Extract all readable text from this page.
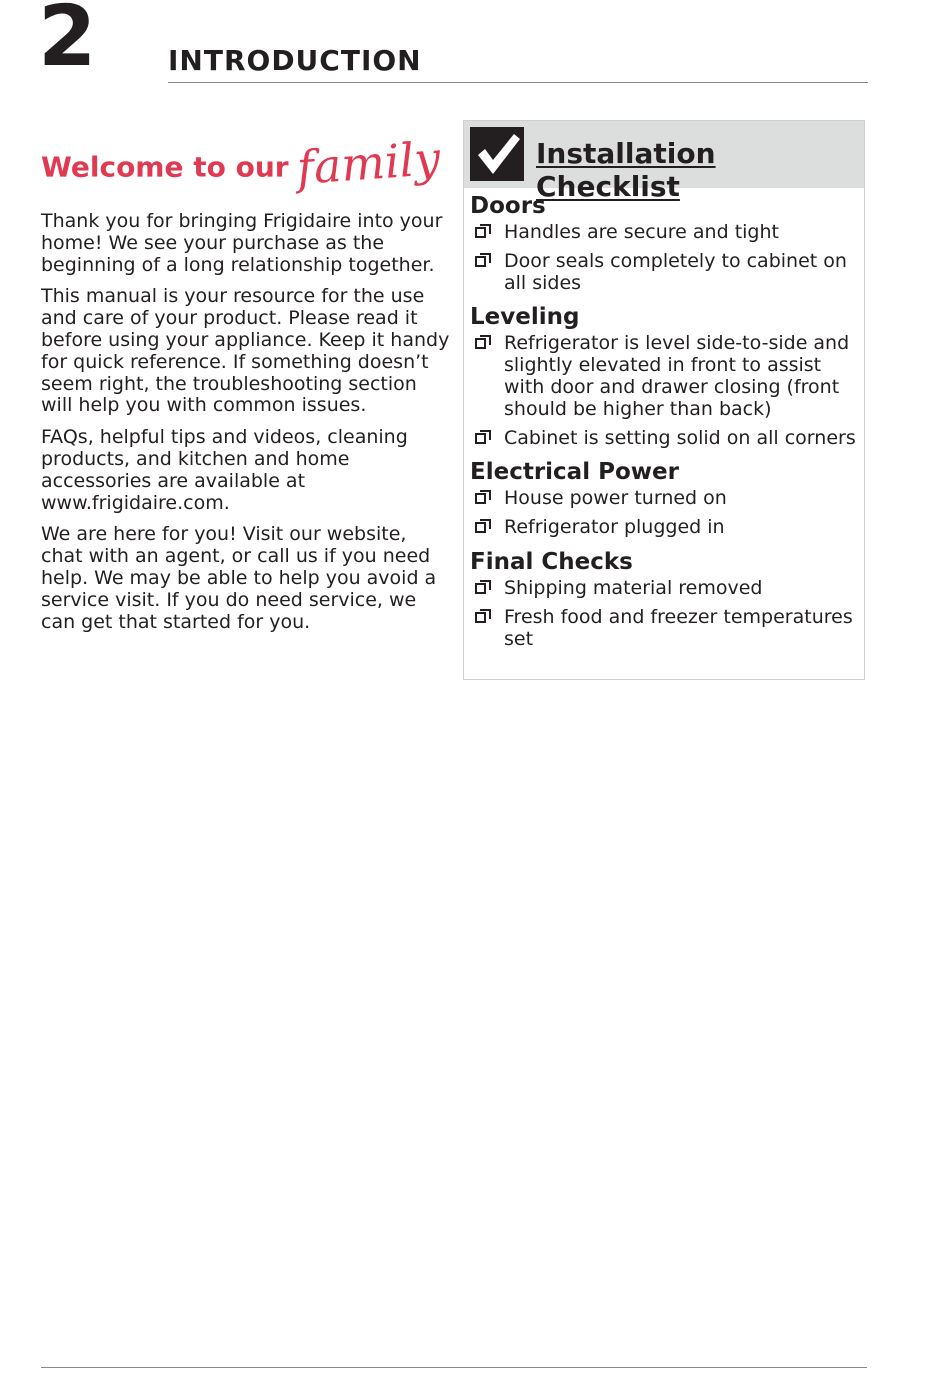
2	INTRODUCTION
Welcome to our family

Thank you for bringing Frigidaire into your home! We see your purchase as the beginning of a long relationship together.

This manual is your resource for the use and care of your product. Please read it before using your appliance. Keep it handy for quick reference. If something doesn’t seem right, the troubleshooting section will help you with common issues.

FAQs, helpful tips and videos, cleaning products, and kitchen and home accessories are available at www.frigidaire.com.

We are here for you! Visit our website, chat with an agent, or call us if you need help. We may be able to help you avoid a service visit. If you do need service, we can get that started for you.

Installation Checklist
Doors
Handles are secure and tight
Door seals completely to cabinet on all sides
Leveling
Refrigerator is level side-to-side and slightly elevated in front to assist with door and drawer closing (front should be higher than back)
Cabinet is setting solid on all corners
Electrical Power
House power turned on
Refrigerator plugged in
Final Checks
Shipping material removed
Fresh food and freezer temperatures set
